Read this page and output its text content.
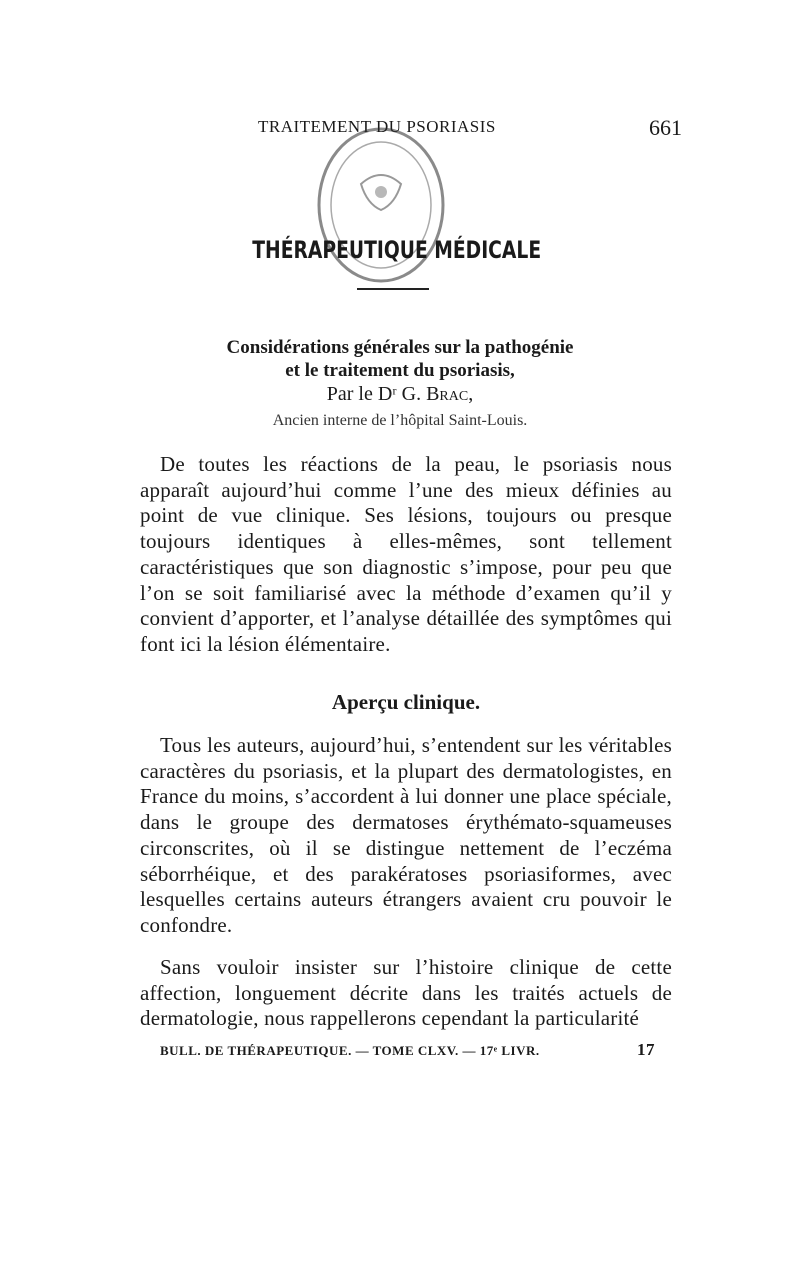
TRAITEMENT DU PSORIASIS	661
THÉRAPEUTIQUE MÉDICALE
Considérations générales sur la pathogénie
et le traitement du psoriasis,
Par le Dʳ G. Brac,
Ancien interne de l’hôpital Saint-Louis.

De toutes les réactions de la peau, le psoriasis nous apparaît aujourd’hui comme l’une des mieux définies au point de vue clinique. Ses lésions, toujours ou presque toujours identiques à elles-mêmes, sont tellement caractéristiques que son diagnostic s’impose, pour peu que l’on se soit familiarisé avec la méthode d’examen qu’il y convient d’apporter, et l’analyse détaillée des symptômes qui font ici la lésion élémentaire.

Aperçu clinique.

Tous les auteurs, aujourd’hui, s’entendent sur les véritables caractères du psoriasis, et la plupart des dermatologistes, en France du moins, s’accordent à lui donner une place spéciale, dans le groupe des dermatoses érythémato-squameuses circonscrites, où il se distingue nettement de l’eczéma séborrhéique, et des parakératoses psoriasiformes, avec lesquelles certains auteurs étrangers avaient cru pouvoir le confondre.

Sans vouloir insister sur l’histoire clinique de cette affection, longuement décrite dans les traités actuels de dermatologie, nous rappellerons cependant la particularité

BULL. DE THÉRAPEUTIQUE. — TOME CLXV. — 17ᵉ LIVR.	17
